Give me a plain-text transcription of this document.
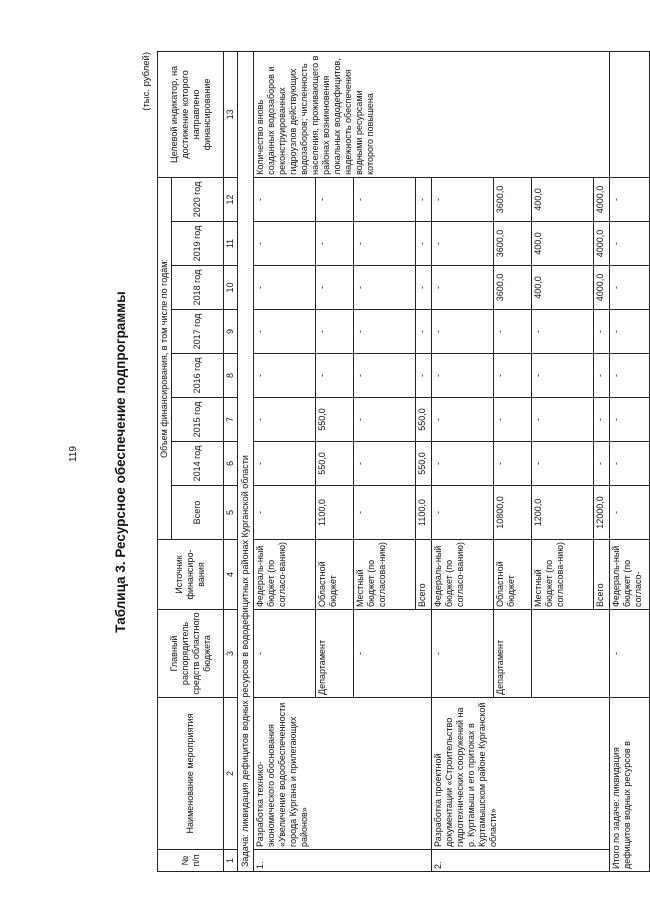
119	Таблица 3. Ресурсное обеспечение подпрограммы
(тыс. рублей)
№ п/п	Наименование мероприятия	Главный распорядитель средств областного бюджета	Источник финансиро-вания	Объем финансирования, в том числе по годам:								Целевой индикатор, на достижение которого направлено финансирование
				Всего	2014 год	2015 год	2016 год	2017 год	2018 год	2019 год	2020 год	
1	2	3	4	5	6	7	8	9	10	11	12	13
Задача: ликвидация дефицитов водных ресурсов в вододефицитных районах Курганской области												
1.	Разработка технико-экономического обоснования «Увеличение водообеспеченности города Кургана и прилегающих районов»	-	Федераль-ный бюджет (по согласо-ванию)	-	-	-	-	-	-	-	-	Количество вновь созданных водозаборов и реконструированных гидроузлов действующих водозаборов; численность населения, проживающего в районах возникновения локальных вододефицитов, надежность обеспечения водными ресурсами которого повышена
		Департамент	Областной бюджет	1100,0	550,0	550,0	-	-	-	-	-	
		-	Местный бюджет (по согласова-нию)	-	-	-	-	-	-	-	-	
			Всего	1100,0	550,0	550,0	-	-	-	-	-	
2.	Разработка проектной документации «Строительство гидротехнических сооружений на р. Куртамыш и его притоках в Куртамышском районе Курганской области»	-	Федераль-ный бюджет (по согласо-ванию)	-	-	-	-	-	-	-	-	
		Департамент	Областной бюджет	10800,0	-	-	-	-	3600,0	3600,0	3600,0	
			Местный бюджет (по согласова-нию)	1200,0	-	-	-	-	400,0	400,0	400,0	
			Всего	12000,0	-	-	-	-	4000,0	4000,0	4000,0	
Итого по задаче: ликвидация дефицитов водных ресурсов в		-	Федераль-ный бюджет (по согласо-	-	-	-	-	-	-	-	-	
